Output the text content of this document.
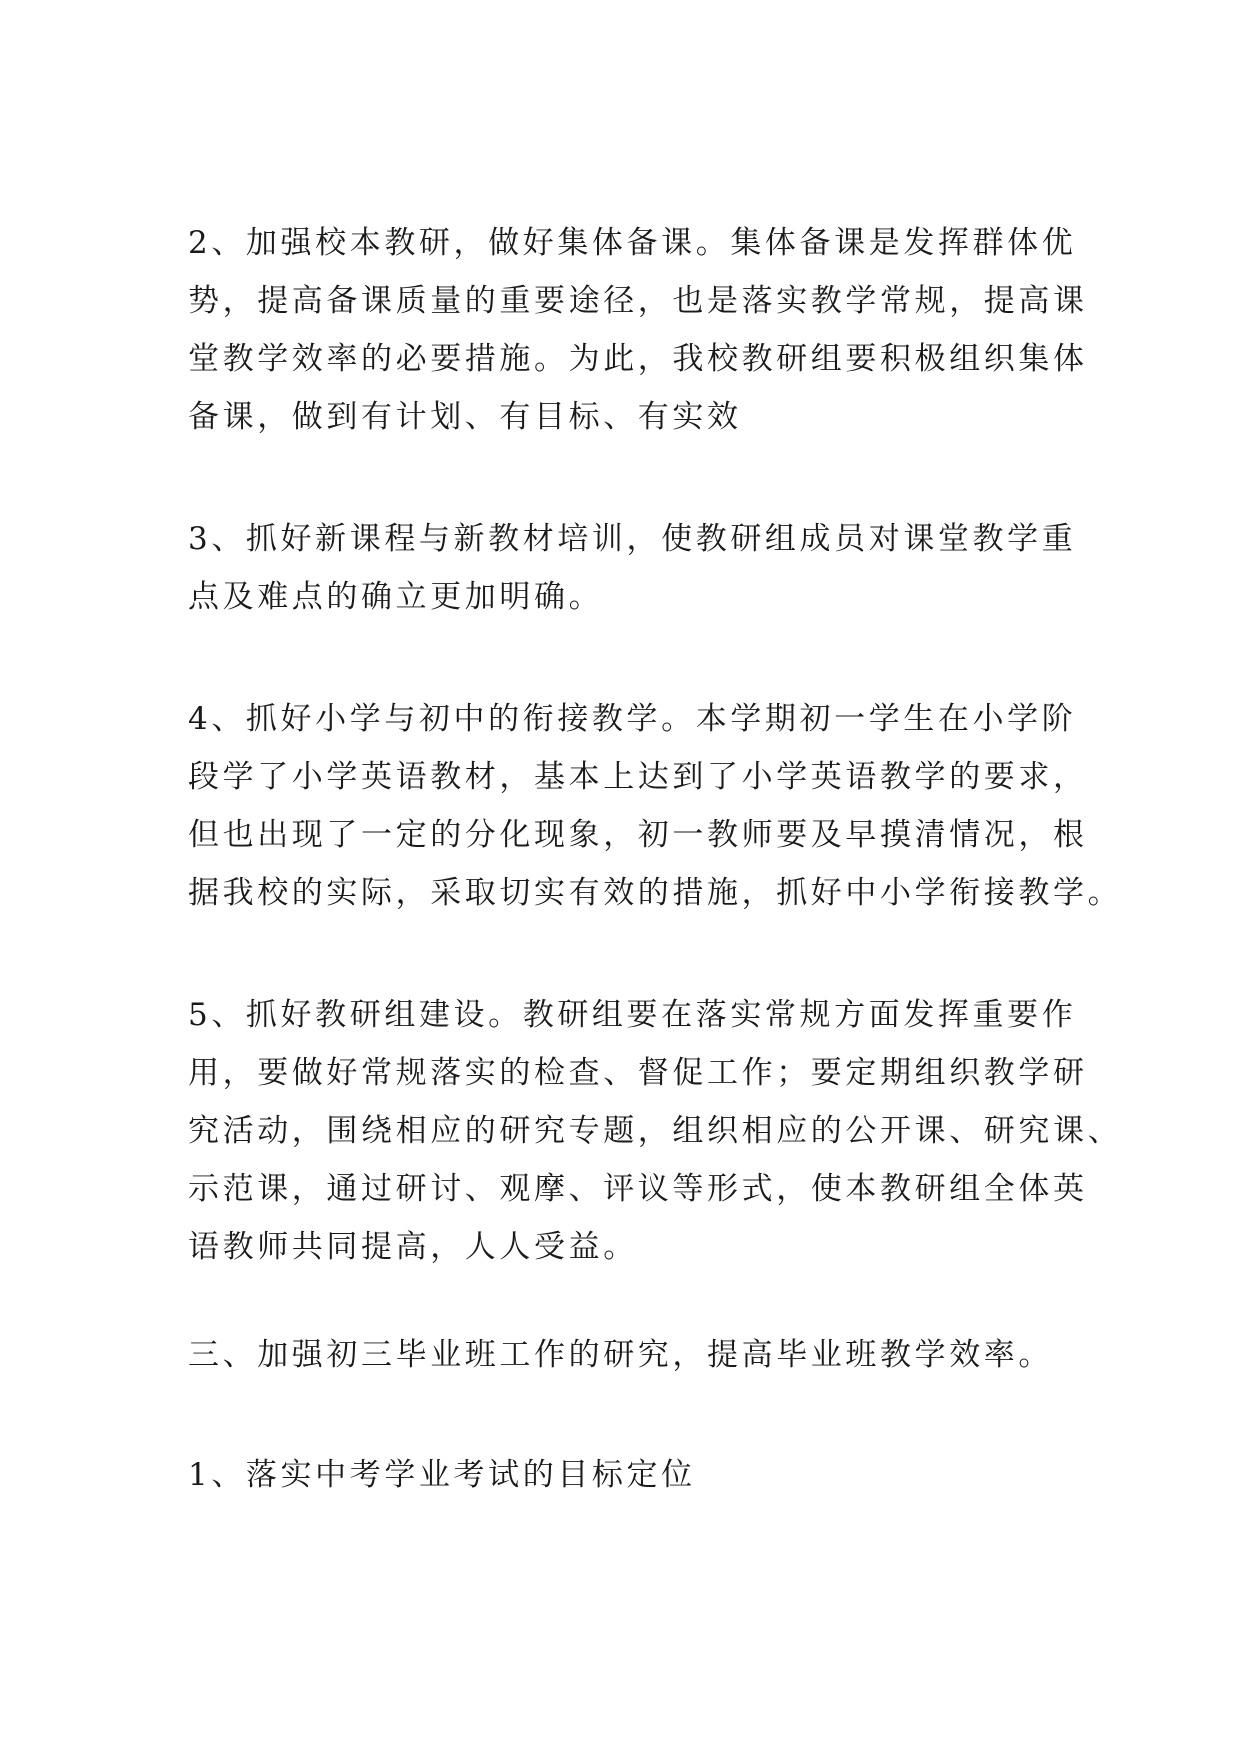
2、加强校本教研，做好集体备课。集体备课是发挥群体优
势，提高备课质量的重要途径，也是落实教学常规，提高课
堂教学效率的必要措施。为此，我校教研组要积极组织集体
备课，做到有计划、有目标、有实效

3、抓好新课程与新教材培训，使教研组成员对课堂教学重
点及难点的确立更加明确。

4、抓好小学与初中的衔接教学。本学期初一学生在小学阶
段学了小学英语教材，基本上达到了小学英语教学的要求，
但也出现了一定的分化现象，初一教师要及早摸清情况，根
据我校的实际，采取切实有效的措施，抓好中小学衔接教学。

5、抓好教研组建设。教研组要在落实常规方面发挥重要作
用，要做好常规落实的检查、督促工作；要定期组织教学研
究活动，围绕相应的研究专题，组织相应的公开课、研究课、
示范课，通过研讨、观摩、评议等形式，使本教研组全体英
语教师共同提高，人人受益。

三、加强初三毕业班工作的研究，提高毕业班教学效率。

1、落实中考学业考试的目标定位
